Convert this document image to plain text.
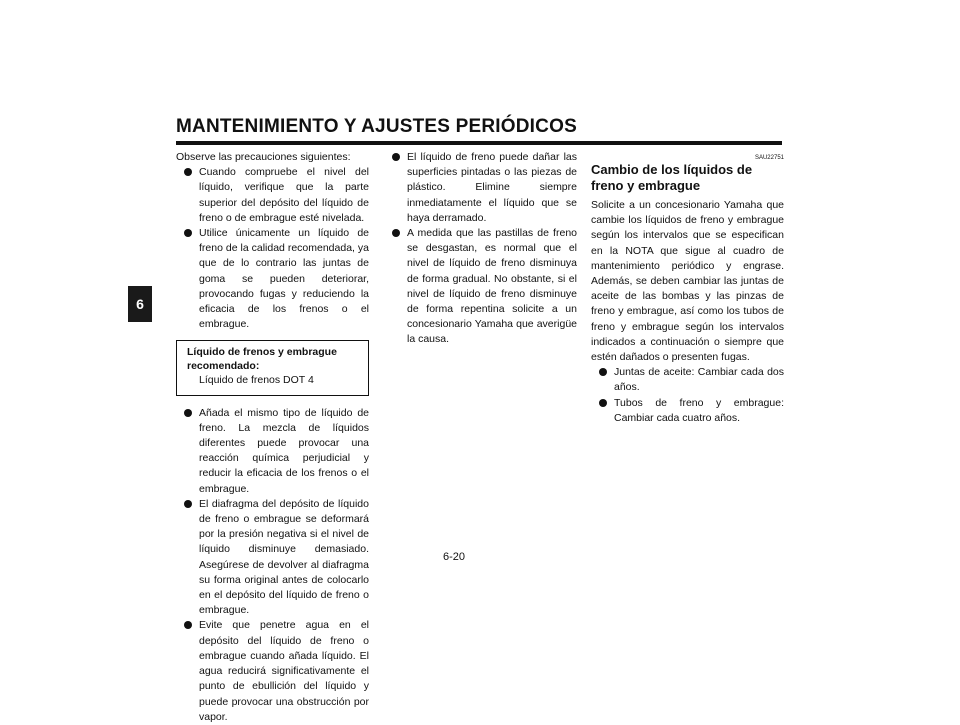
MANTENIMIENTO Y AJUSTES PERIÓDICOS
6

Observe las precauciones siguientes:

Cuando compruebe el nivel del líquido, verifique que la parte superior del depósito del líquido de freno o de embrague esté nivelada.
Utilice únicamente un líquido de freno de la calidad recomendada, ya que de lo contrario las juntas de goma se pueden deteriorar, provocando fugas y reduciendo la eficacia de los frenos o el embrague.
Líquido de frenos y embrague recomendado:
Líquido de frenos DOT 4
Añada el mismo tipo de líquido de freno. La mezcla de líquidos diferentes puede provocar una reacción química perjudicial y reducir la eficacia de los frenos o el embrague.
El diafragma del depósito de líquido de freno o embrague se deformará por la presión negativa si el nivel de líquido disminuye demasiado. Asegúrese de devolver al diafragma su forma original antes de colocarlo en el depósito del líquido de freno o embrague.
Evite que penetre agua en el depósito del líquido de freno o embrague cuando añada líquido. El agua reducirá significativamente el punto de ebullición del líquido y puede provocar una obstrucción por vapor.
El líquido de freno puede dañar las superficies pintadas o las piezas de plástico. Elimine siempre inmediatamente el líquido que se haya derramado.
A medida que las pastillas de freno se desgastan, es normal que el nivel de líquido de freno disminuya de forma gradual. No obstante, si el nivel de líquido de freno disminuye de forma repentina solicite a un concesionario Yamaha que averigüe la causa.
SAU22751
Cambio de los líquidos de freno y embrague

Solicite a un concesionario Yamaha que cambie los líquidos de freno y embrague según los intervalos que se especifican en la NOTA que sigue al cuadro de mantenimiento periódico y engrase. Además, se deben cambiar las juntas de aceite de las bombas y las pinzas de freno y embrague, así como los tubos de freno y embrague según los intervalos indicados a continuación o siempre que estén dañados o presenten fugas.

Juntas de aceite: Cambiar cada dos años.
Tubos de freno y embrague: Cambiar cada cuatro años.
6-20
